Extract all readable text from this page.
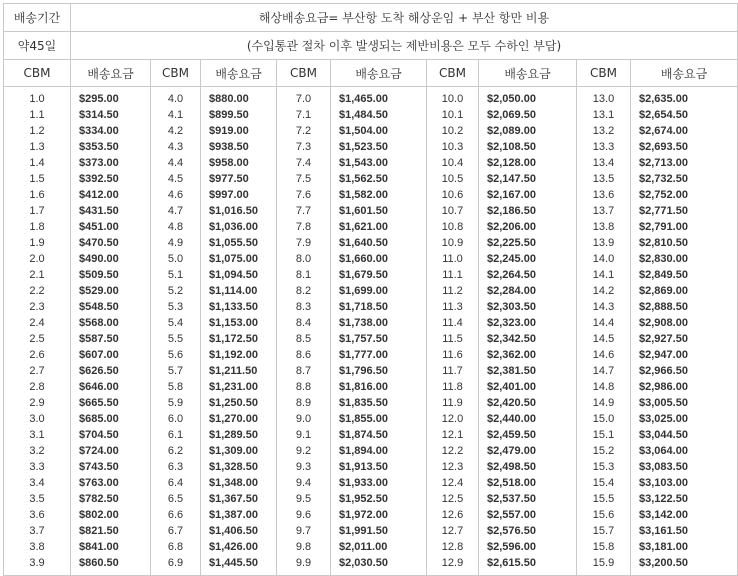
배송기간	해상배송요금= 부산항 도착 해상운임 + 부산 항만 비용								
약45일	(수입통관 절차 이후 발생되는 제반비용은 모두 수하인 부담)								
CBM	배송요금	CBM	배송요금	CBM	배송요금	CBM	배송요금	CBM	배송요금
1.0	$295.00	4.0	$880.00	7.0	$1,465.00	10.0	$2,050.00	13.0	$2,635.00
1.1	$314.50	4.1	$899.50	7.1	$1,484.50	10.1	$2,069.50	13.1	$2,654.50
1.2	$334.00	4.2	$919.00	7.2	$1,504.00	10.2	$2,089.00	13.2	$2,674.00
1.3	$353.50	4.3	$938.50	7.3	$1,523.50	10.3	$2,108.50	13.3	$2,693.50
1.4	$373.00	4.4	$958.00	7.4	$1,543.00	10.4	$2,128.00	13.4	$2,713.00
1.5	$392.50	4.5	$977.50	7.5	$1,562.50	10.5	$2,147.50	13.5	$2,732.50
1.6	$412.00	4.6	$997.00	7.6	$1,582.00	10.6	$2,167.00	13.6	$2,752.00
1.7	$431.50	4.7	$1,016.50	7.7	$1,601.50	10.7	$2,186.50	13.7	$2,771.50
1.8	$451.00	4.8	$1,036.00	7.8	$1,621.00	10.8	$2,206.00	13.8	$2,791.00
1.9	$470.50	4.9	$1,055.50	7.9	$1,640.50	10.9	$2,225.50	13.9	$2,810.50
2.0	$490.00	5.0	$1,075.00	8.0	$1,660.00	11.0	$2,245.00	14.0	$2,830.00
2.1	$509.50	5.1	$1,094.50	8.1	$1,679.50	11.1	$2,264.50	14.1	$2,849.50
2.2	$529.00	5.2	$1,114.00	8.2	$1,699.00	11.2	$2,284.00	14.2	$2,869.00
2.3	$548.50	5.3	$1,133.50	8.3	$1,718.50	11.3	$2,303.50	14.3	$2,888.50
2.4	$568.00	5.4	$1,153.00	8.4	$1,738.00	11.4	$2,323.00	14.4	$2,908.00
2.5	$587.50	5.5	$1,172.50	8.5	$1,757.50	11.5	$2,342.50	14.5	$2,927.50
2.6	$607.00	5.6	$1,192.00	8.6	$1,777.00	11.6	$2,362.00	14.6	$2,947.00
2.7	$626.50	5.7	$1,211.50	8.7	$1,796.50	11.7	$2,381.50	14.7	$2,966.50
2.8	$646.00	5.8	$1,231.00	8.8	$1,816.00	11.8	$2,401.00	14.8	$2,986.00
2.9	$665.50	5.9	$1,250.50	8.9	$1,835.50	11.9	$2,420.50	14.9	$3,005.50
3.0	$685.00	6.0	$1,270.00	9.0	$1,855.00	12.0	$2,440.00	15.0	$3,025.00
3.1	$704.50	6.1	$1,289.50	9.1	$1,874.50	12.1	$2,459.50	15.1	$3,044.50
3.2	$724.00	6.2	$1,309.00	9.2	$1,894.00	12.2	$2,479.00	15.2	$3,064.00
3.3	$743.50	6.3	$1,328.50	9.3	$1,913.50	12.3	$2,498.50	15.3	$3,083.50
3.4	$763.00	6.4	$1,348.00	9.4	$1,933.00	12.4	$2,518.00	15.4	$3,103.00
3.5	$782.50	6.5	$1,367.50	9.5	$1,952.50	12.5	$2,537.50	15.5	$3,122.50
3.6	$802.00	6.6	$1,387.00	9.6	$1,972.00	12.6	$2,557.00	15.6	$3,142.00
3.7	$821.50	6.7	$1,406.50	9.7	$1,991.50	12.7	$2,576.50	15.7	$3,161.50
3.8	$841.00	6.8	$1,426.00	9.8	$2,011.00	12.8	$2,596.00	15.8	$3,181.00
3.9	$860.50	6.9	$1,445.50	9.9	$2,030.50	12.9	$2,615.50	15.9	$3,200.50
